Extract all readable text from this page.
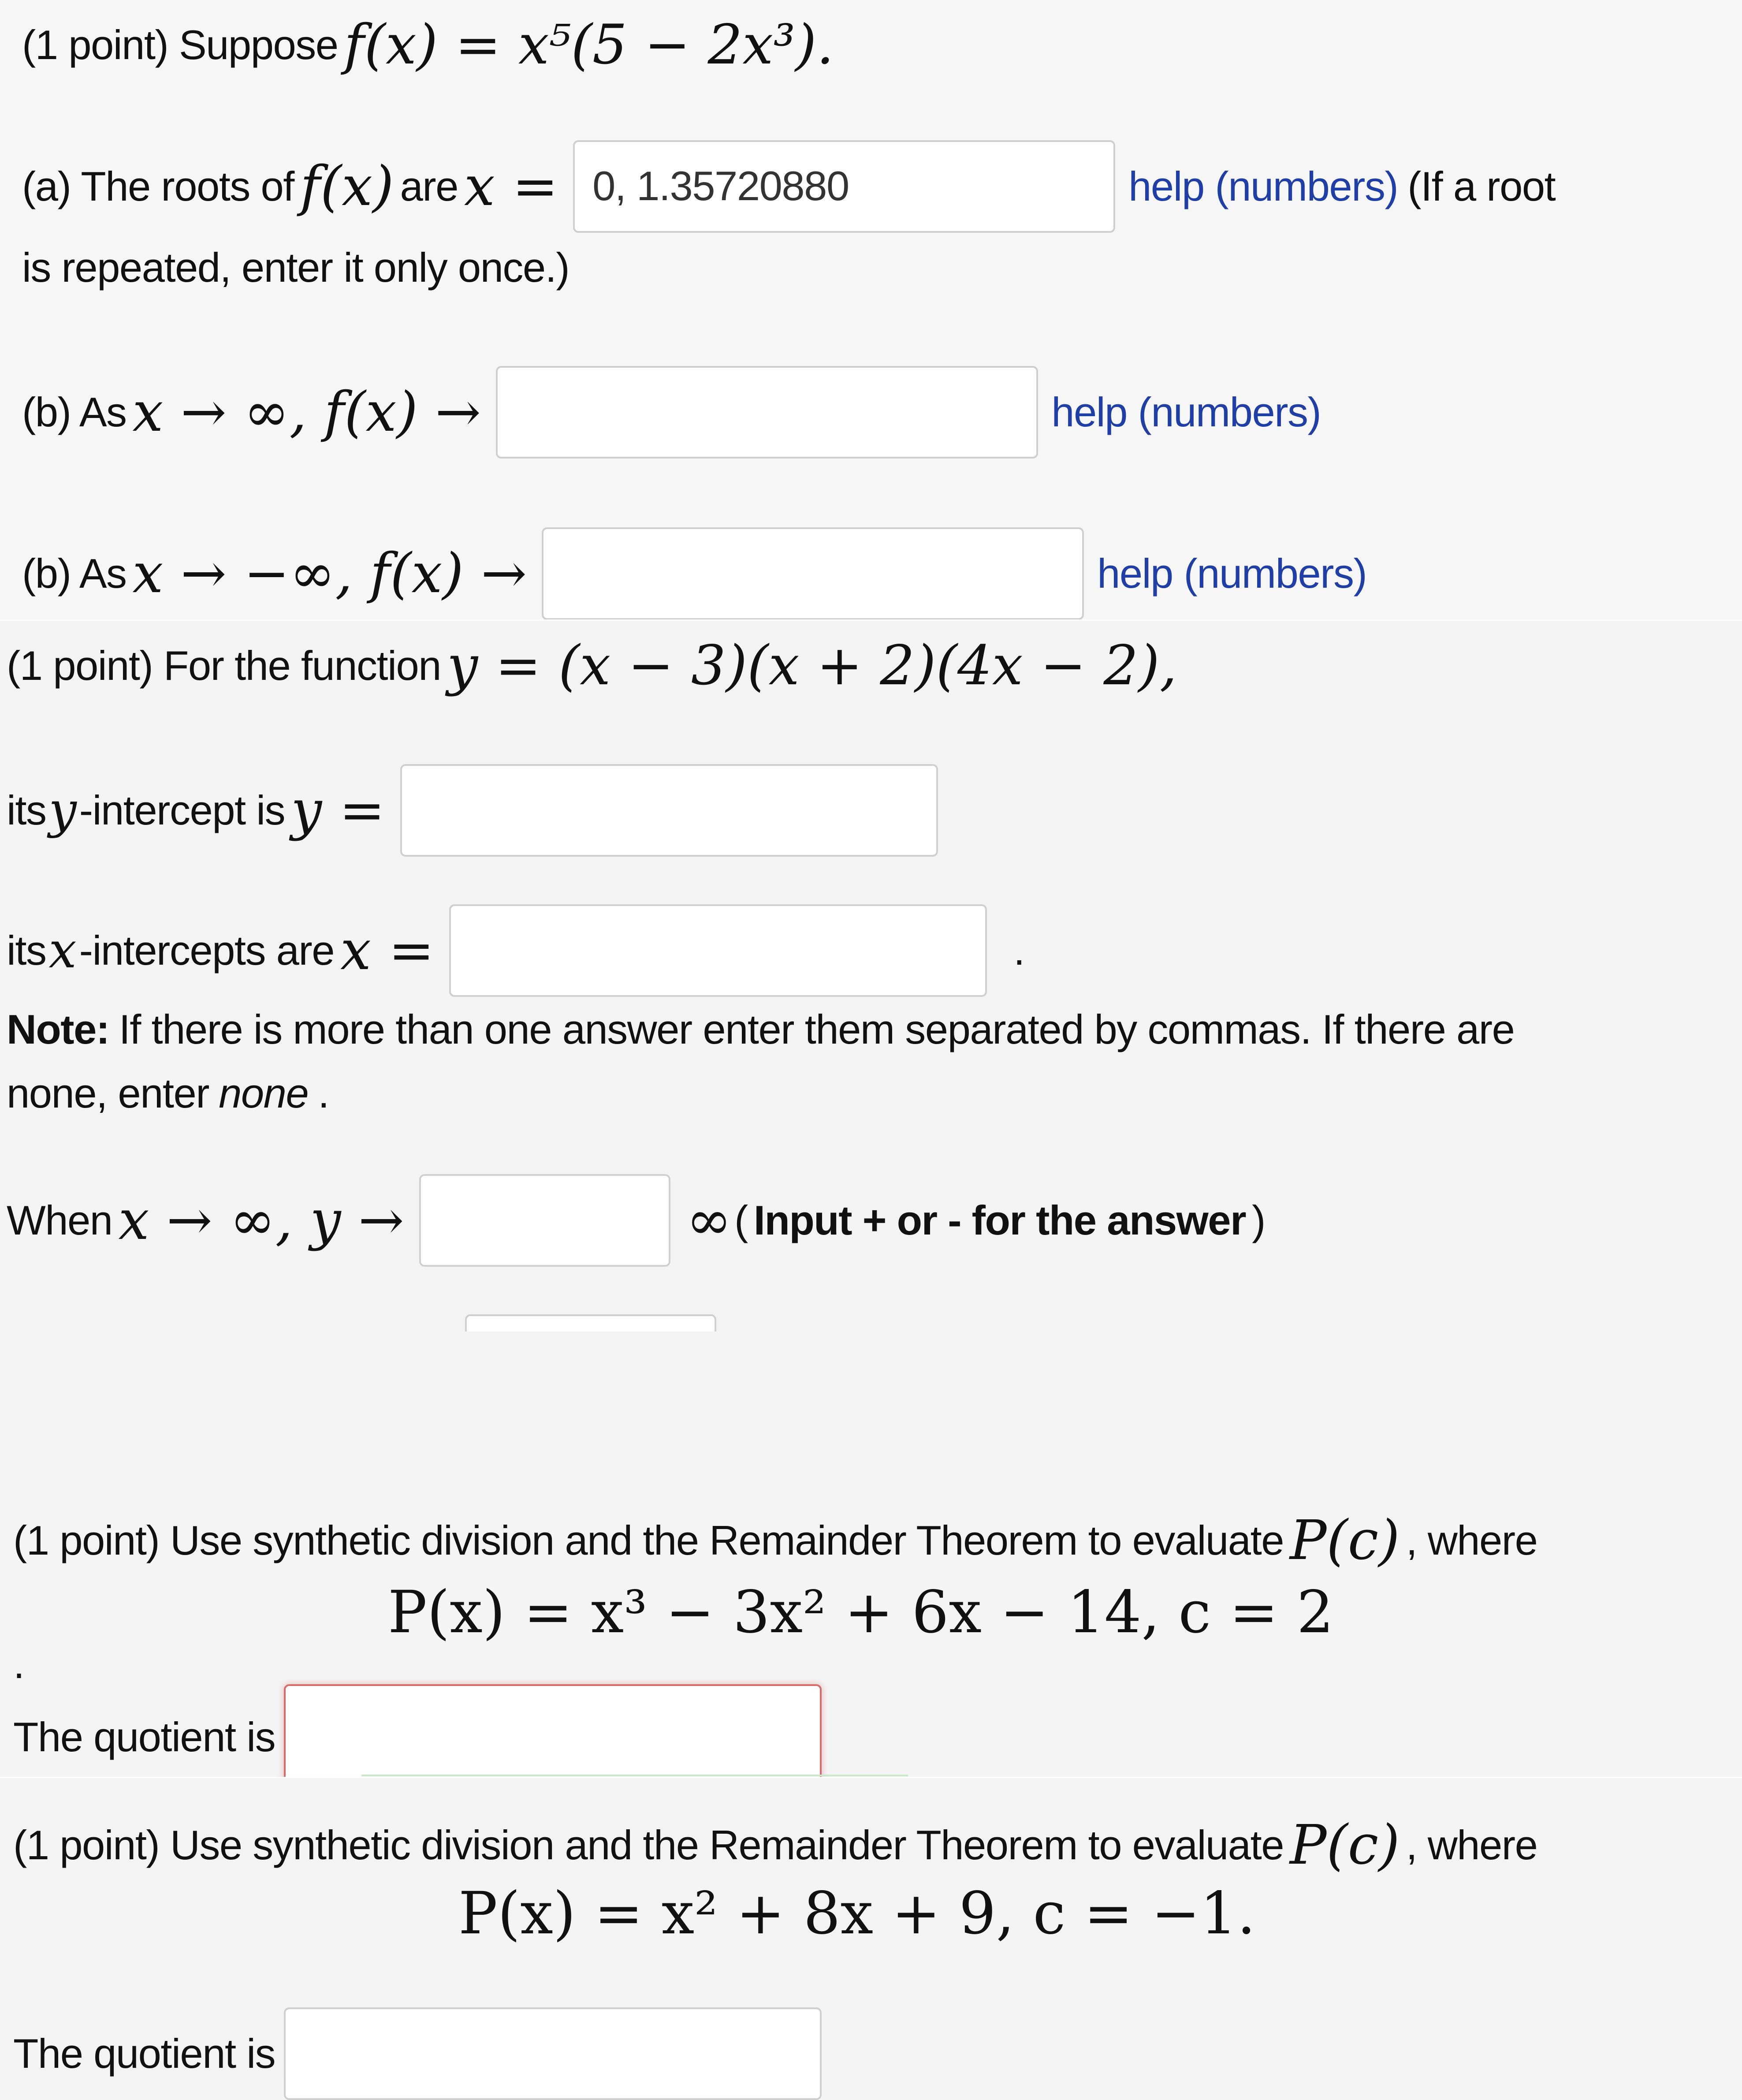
(1 point) Suppose f(x) = x⁵(5 − 2x³).
(a) The roots of f(x) are x = 0, 1.35720880	help (numbers) (If a root
is repeated, enter it only once.)
(b) As x → ∞, f(x) →	help (numbers)
(b) As x → −∞, f(x) →	help (numbers)
(1 point) For the function y = (x − 3)(x + 2)(4x − 2),
its y -intercept is y =
its x -intercepts are x =	.
Note: If there is more than one answer enter them separated by commas. If there are
none, enter none .
When x → ∞, y →	∞ ( Input + or - for the answer )
(1 point) Use synthetic division and the Remainder Theorem to evaluate P(c) , where
P(x) = x³ − 3x² + 6x − 14, c = 2
.
The quotient is
(1 point) Use synthetic division and the Remainder Theorem to evaluate P(c) , where
P(x) = x² + 8x + 9, c = −1.
The quotient is
